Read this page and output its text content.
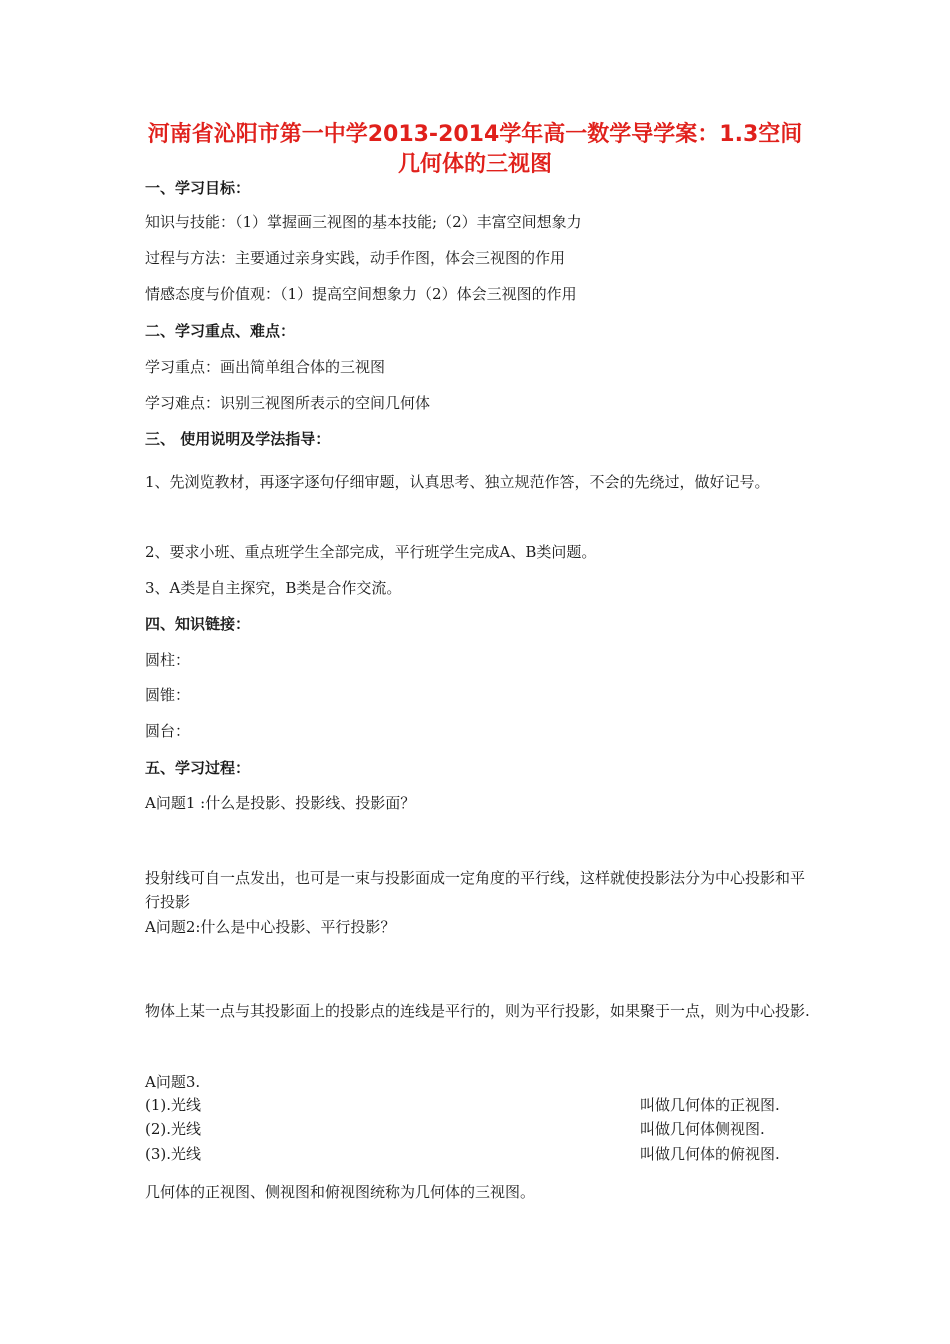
河南省沁阳市第一中学2013-2014学年高一数学导学案：1.3空间几何体的三视图

一、学习目标：

知识与技能：（1）掌握画三视图的基本技能;（2）丰富空间想象力

过程与方法：主要通过亲身实践，动手作图，体会三视图的作用

情感态度与价值观：（1）提高空间想象力（2）体会三视图的作用

二、学习重点、难点：

学习重点：画出简单组合体的三视图

学习难点：识别三视图所表示的空间几何体

三、 使用说明及学法指导：

1、先浏览教材，再逐字逐句仔细审题，认真思考、独立规范作答，不会的先绕过，做好记号。

2、要求小班、重点班学生全部完成，平行班学生完成A、B类问题。

3、A类是自主探究，B类是合作交流。

四、知识链接：

圆柱：

圆锥：

圆台：

五、学习过程：

A问题1 :什么是投影、投影线、投影面？

投射线可自一点发出，也可是一束与投影面成一定角度的平行线，这样就使投影法分为中心投影和平行投影

A问题2:什么是中心投影、平行投影？

物体上某一点与其投影面上的投影点的连线是平行的，则为平行投影，如果聚于一点，则为中心投影.

A问题3.

(1).光线	叫做几何体的正视图.

(2).光线	叫做几何体侧视图.

(3).光线	叫做几何体的俯视图.

几何体的正视图、侧视图和俯视图统称为几何体的三视图。
